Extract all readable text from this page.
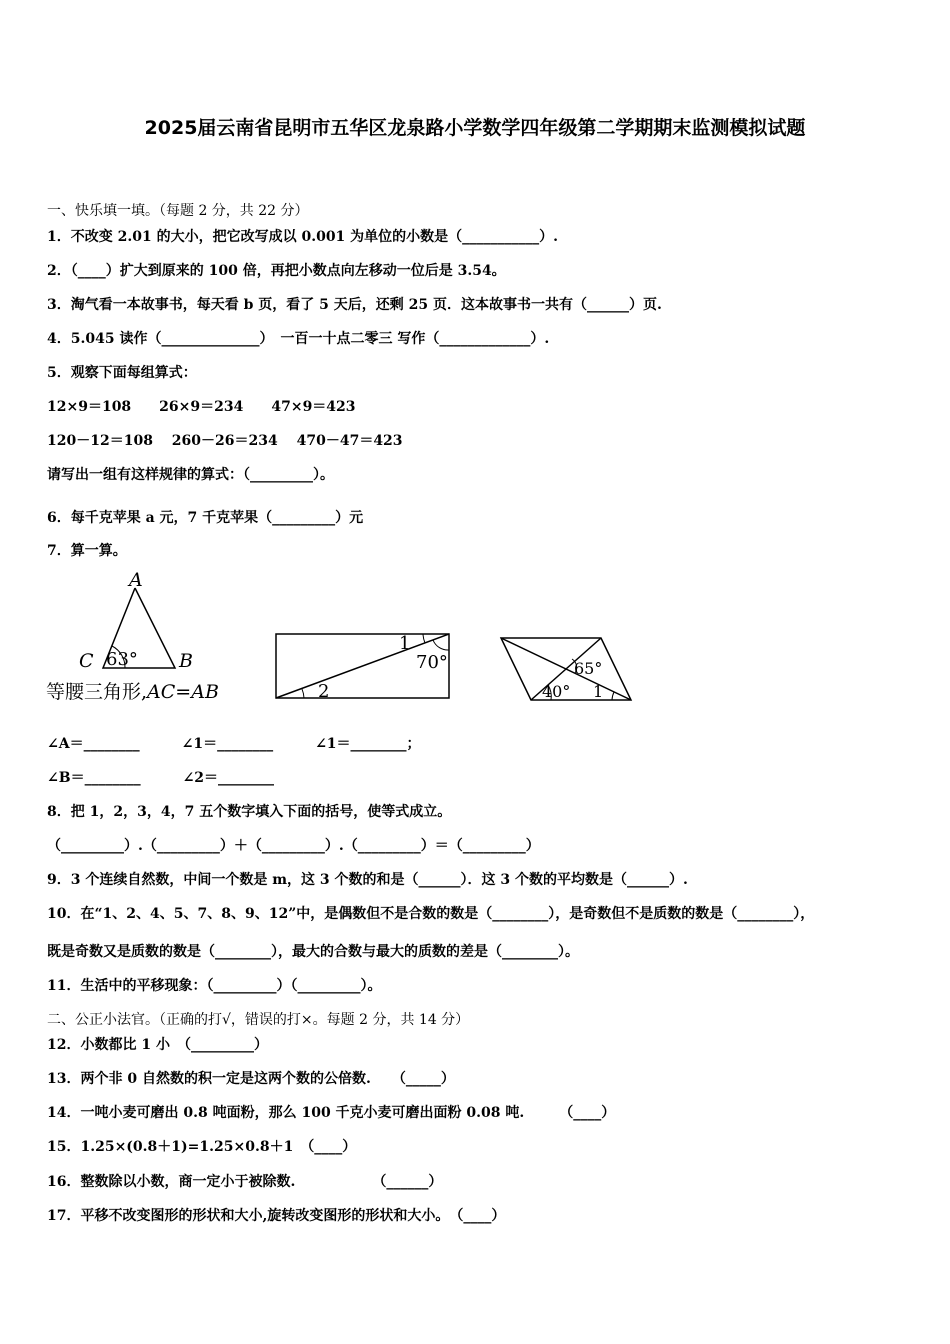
2025届云南省昆明市五华区龙泉路小学数学四年级第二学期期末监测模拟试题
一、快乐填一填。（每题 2 分，共 22 分）
1．不改变 2.01 的大小，把它改写成以 0.001 为单位的小数是（___________）.
2．（____）扩大到原来的 100 倍，再把小数点向左移动一位后是 3.54。
3．淘气看一本故事书，每天看 b 页，看了 5 天后，还剩 25 页．这本故事书一共有（______）页.
4．5.045 读作（______________）　一百一十点二零三 写作（_____________）.
5．观察下面每组算式：
12×9＝108　　26×9＝234　　47×9＝423
120－12＝108　 260－26＝234　 470－47＝423
请写出一组有这样规律的算式：（_________）。
6．每千克苹果 a 元，7 千克苹果（_________）元
7．算一算。
A
C	B
63°
等腰三角形,AC=AB
1
70°
2
65°
40° 1
∠A＝________　　　∠1＝________　　　∠1＝________；
∠B＝________　　　∠2＝________
8．把 1，2，3，4，7 五个数字填入下面的括号，使等式成立。
（_________）.（_________）＋（_________）.（_________）＝（_________）
9．3 个连续自然数，中间一个数是 m，这 3 个数的和是（______）．这 3 个数的平均数是（______）.
10．在“1、2、4、5、7、8、9、12”中，是偶数但不是合数的数是（________），是奇数但不是质数的数是（________），
既是奇数又是质数的数是（________），最大的合数与最大的质数的差是（________）。
11．生活中的平移现象：（_________）（_________）。
二、公正小法官。（正确的打√，错误的打×。每题 2 分，共 14 分）
12．小数都比 1 小　（_________）
13．两个非 0 自然数的积一定是这两个数的公倍数.　　（_____）
14．一吨小麦可磨出 0.8 吨面粉，那么 100 千克小麦可磨出面粉 0.08 吨.　　　（____）
15．1.25×(0.8＋1)=1.25×0.8＋1　（____）
16．整数除以小数，商一定小于被除数.　　　　　　（______）
17．平移不改变图形的形状和大小,旋转改变图形的形状和大小。　（____）
